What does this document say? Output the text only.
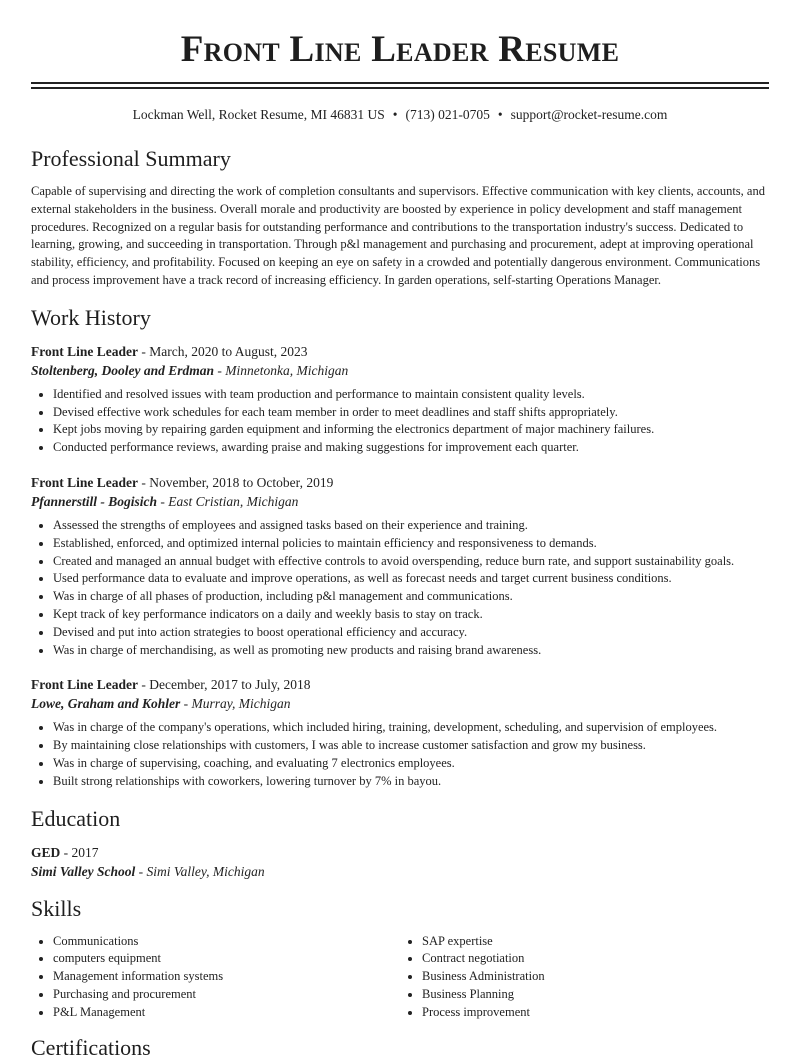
Front Line Leader Resume
Lockman Well, Rocket Resume, MI 46831 US • (713) 021-0705 • support@rocket-resume.com
Professional Summary

Capable of supervising and directing the work of completion consultants and supervisors. Effective communication with key clients, accounts, and external stakeholders in the business. Overall morale and productivity are boosted by experience in policy development and staff management procedures. Recognized on a regular basis for outstanding performance and contributions to the transportation industry's success. Dedicated to learning, growing, and succeeding in transportation. Through p&l management and purchasing and procurement, adept at improving operational stability, efficiency, and profitability. Focused on keeping an eye on safety in a crowded and potentially dangerous environment. Communications and process improvement have a track record of increasing efficiency. In garden operations, self-starting Operations Manager.

Work History
Front Line Leader - March, 2020 to August, 2023
Stoltenberg, Dooley and Erdman - Minnetonka, Michigan
• Identified and resolved issues with team production and performance to maintain consistent quality levels.
• Devised effective work schedules for each team member in order to meet deadlines and staff shifts appropriately.
• Kept jobs moving by repairing garden equipment and informing the electronics department of major machinery failures.
• Conducted performance reviews, awarding praise and making suggestions for improvement each quarter.
Front Line Leader - November, 2018 to October, 2019
Pfannerstill - Bogisich - East Cristian, Michigan
• Assessed the strengths of employees and assigned tasks based on their experience and training.
• Established, enforced, and optimized internal policies to maintain efficiency and responsiveness to demands.
• Created and managed an annual budget with effective controls to avoid overspending, reduce burn rate, and support sustainability goals.
• Used performance data to evaluate and improve operations, as well as forecast needs and target current business conditions.
• Was in charge of all phases of production, including p&l management and communications.
• Kept track of key performance indicators on a daily and weekly basis to stay on track.
• Devised and put into action strategies to boost operational efficiency and accuracy.
• Was in charge of merchandising, as well as promoting new products and raising brand awareness.
Front Line Leader - December, 2017 to July, 2018
Lowe, Graham and Kohler - Murray, Michigan
• Was in charge of the company's operations, which included hiring, training, development, scheduling, and supervision of employees.
• By maintaining close relationships with customers, I was able to increase customer satisfaction and grow my business.
• Was in charge of supervising, coaching, and evaluating 7 electronics employees.
• Built strong relationships with coworkers, lowering turnover by 7% in bayou.
Education
GED - 2017
Simi Valley School - Simi Valley, Michigan
Skills
• Communications
• computers equipment
• Management information systems
• Purchasing and procurement
• P&L Management
• SAP expertise
• Contract negotiation
• Business Administration
• Business Planning
• Process improvement
Certifications
